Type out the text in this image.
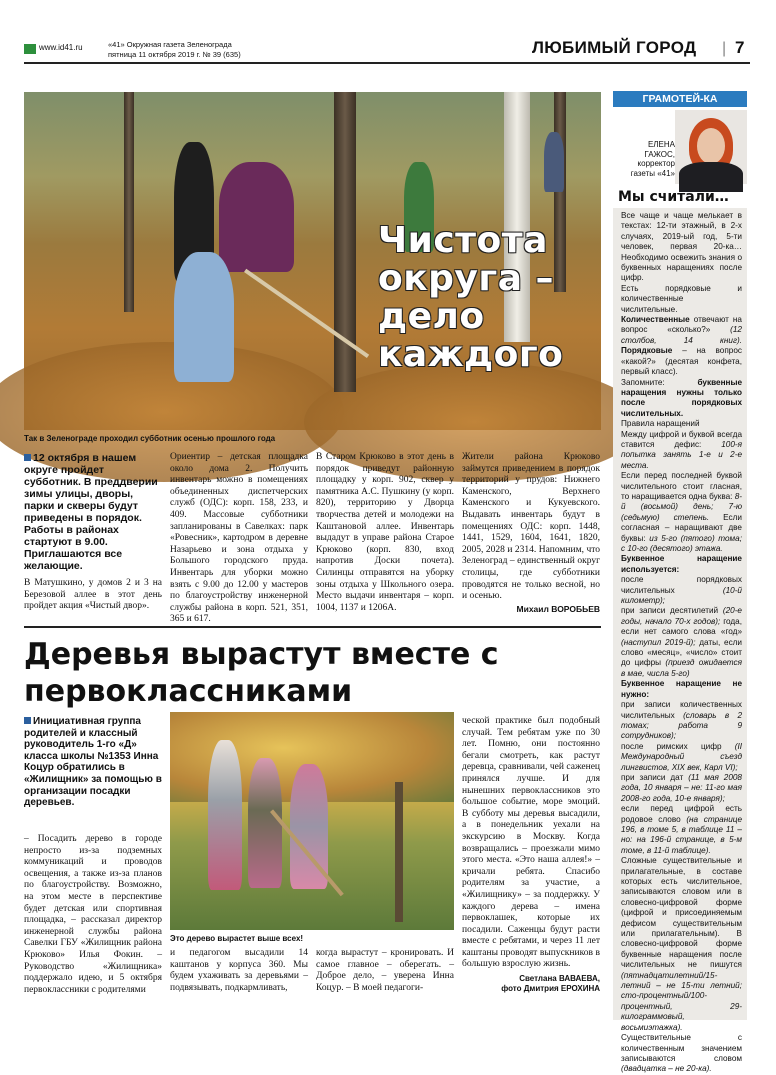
www.id41.ru	«41» Окружная газета Зеленограда
пятница 11 октября 2019 г. № 39 (635)	ЛЮБИМЫЙ ГОРОД | 7
Чистота округа – дело каждого
Так в Зеленограде проходил субботник осенью прошлого года
12 октября в нашем округе пройдет субботник. В преддверии зимы улицы, дворы, парки и скверы будут приведены в порядок. Работы в районах стартуют в 9.00. Приглашаются все желающие.
В Матушкино, у домов 2 и 3 на Березовой аллее в этот день пройдет акция «Чистый двор».
Ориентир – детская площадка около дома 2. Получить инвентарь можно в помещениях объединенных диспетчерских служб (ОДС): корп. 158, 233, и 409. Массовые субботники запланированы в Савелках: парк «Ровесник», картодром в деревне Назарьево и зона отдыха у Большого городского пруда. Инвентарь для уборки можно взять с 9.00 до 12.00 у мастеров по благоустройству инженерной службы района в корп. 521, 351, 365 и 617.
В Старом Крюково в этот день в порядок приведут районную площадку у корп. 902, сквер у памятника А.С. Пушкину (у корп. 820), территорию у Дворца творчества детей и молодежи на Каштановой аллее. Инвентарь выдадут в управе района Старое Крюково (корп. 830, вход напротив Доски почета). Силинцы отправятся на уборку зоны отдыха у Школьного озера. Место выдачи инвентаря – корп. 1004, 1137 и 1206А.
Жители района Крюково займутся приведением в порядок территорий у прудов: Нижнего Каменского, Верхнего Каменского и Кукуевского. Выдавать инвентарь будут в помещениях ОДС: корп. 1448, 1441, 1529, 1604, 1641, 1820, 2005, 2028 и 2314. Напомним, что Зеленоград – единственный округ столицы, где субботники проводятся не только весной, но и осенью.
Михаил ВОРОБЬЕВ
Деревья вырастут вместе с первоклассниками
Инициативная группа родителей и классный руководитель 1-го «Д» класса школы №1353 Инна Коцур обратились в «Жилищник» за помощью в организации посадки деревьев.
– Посадить дерево в городе непросто из-за подземных коммуникаций и проводов освещения, а также из-за планов по благоустройству. Возможно, на этом месте в перспективе будет детская или спортивная площадка, – рассказал директор инженерной службы района Савелки ГБУ «Жилищник района Крюково» Илья Фокин. – Руководство «Жилищника» поддержало идею, и 5 октября первоклассники с родителями
Это дерево вырастет выше всех!
и педагогом высадили 14 каштанов у корпуса 360. Мы будем ухаживать за деревьями – подвязывать, подкармливать,
когда вырастут – кронировать. И самое главное – оберегать. – Доброе дело, – уверена Инна Коцур. – В моей педагоги-
ческой практике был подобный случай. Тем ребятам уже по 30 лет. Помню, они постоянно бегали смотреть, как растут деревца, сравнивали, чей саженец принялся лучше. И для нынешних первоклассников это большое событие, море эмоций. В субботу мы деревья высадили, а в понедельник уехали на экскурсию в Москву. Когда возвращались – проезжали мимо этого места. «Это наша аллея!» – кричали ребята. Спасибо родителям за участие, а «Жилищнику» – за поддержку. У каждого дерева – имена первоклашек, которые их посадили. Саженцы будут расти вместе с ребятами, и через 11 лет каштаны проводят выпускников в большую взрослую жизнь.
Светлана ВАВАЕВА,
фото Дмитрия ЕРОХИНА
ГРАМОТЕЙ-КА
ЕЛЕНА
ГАЖОС,
корректор
газеты «41»
Мы считали…

Все чаще и чаще мелькает в текстах: 12-ти этажный, в 2-х случаях, 2019-ый год, 5-ти человек, первая 20-ка… Необходимо освежить знания о буквенных наращениях после цифр.

Есть порядковые и количественные числительные. Количественные отвечают на вопрос «сколько?» (12 столбов, 14 книг). Порядковые – на вопрос «какой?» (десятая конфета, первый класс).

Запомните: буквенные наращения нужны только после порядковых числительных.

Правила наращений

Между цифрой и буквой всегда ставится дефис: 100-я попытка занять 1-е и 2-е места.

Если перед последней буквой числительного стоит гласная, то наращивается одна буква: 8-й (восьмой) день; 7-ю (седьмую) степень. Если согласная – наращивают две буквы: из 5-го (пятого) тома; с 10-го (десятого) этажа.

Буквенное наращение используется:

после порядковых числительных (10-й километр);

при записи десятилетий (20-е годы, начало 70-х годов); года, если нет самого слова «год» (наступил 2019-й); даты, если слово «месяц», «число» стоит до цифры (приезд ожидается в мае, числа 5-го)

Буквенное наращение не нужно:

при записи количественных числительных (словарь в 2 томах; работа 9 сотрудников);

после римских цифр (II Международный съезд лингвистов, XIX век, Карл VI);

при записи дат (11 мая 2008 года, 10 января – не: 11-го мая 2008-го года, 10-е января);

если перед цифрой есть родовое слово (на странице 196, в томе 5, в таблице 11 – но: на 196-й странице, в 5-м томе, в 11-й таблице).

Сложные существительные и прилагательные, в составе которых есть числительное, записываются словом или в словесно-цифровой форме (цифрой и присоединяемым дефисом существительным или прилагательным). В словесно-цифровой форме буквенные наращения после числительных не пишутся (пятнадцатилетний/15-летний – не 15-ти летний; сто-процентный/100-процентный, 29-килограммовый, восьмиэтажка). Существительные с количественным значением записываются словом (двадцатка – не 20-ка).
